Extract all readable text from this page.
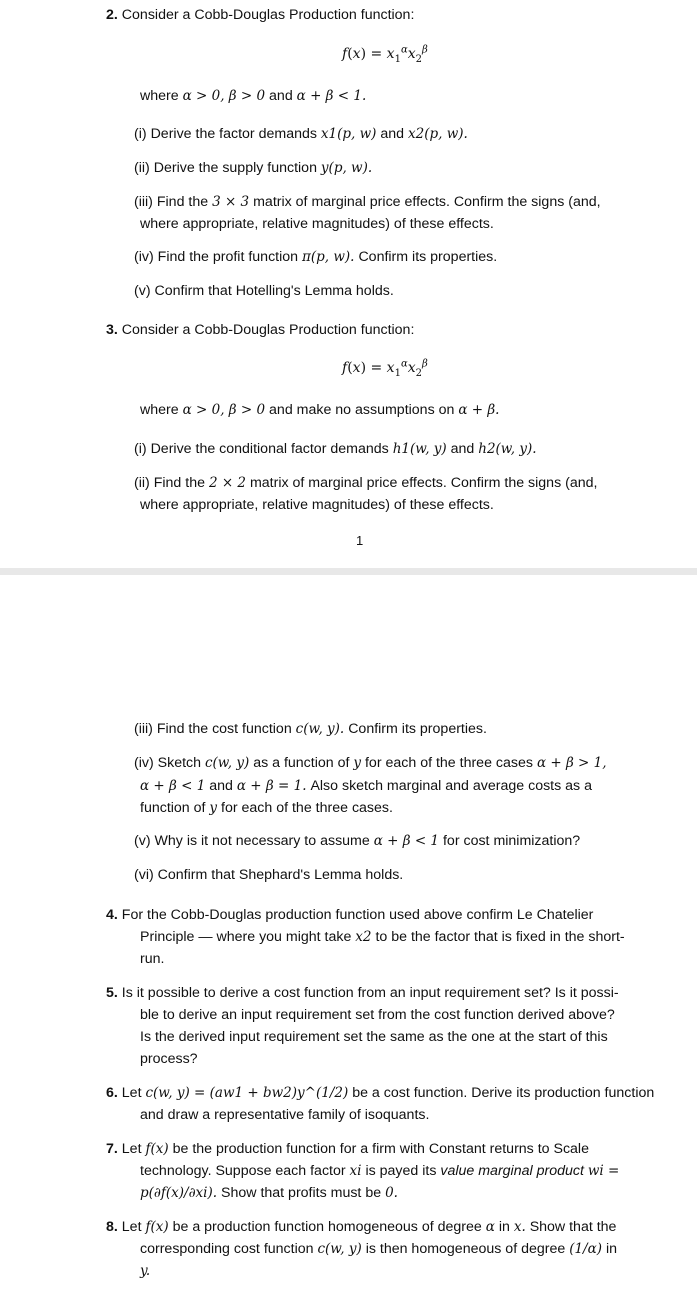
2. Consider a Cobb-Douglas Production function:
$f(x) = x_1^\alpha x_2^\beta$
where α > 0, β > 0 and α + β < 1.
(i) Derive the factor demands x1(p, w) and x2(p, w).
(ii) Derive the supply function y(p, w).
(iii) Find the 3 × 3 matrix of marginal price effects. Confirm the signs (and,
where appropriate, relative magnitudes) of these effects.
(iv) Find the profit function π(p, w). Confirm its properties.
(v) Confirm that Hotelling's Lemma holds.
3. Consider a Cobb-Douglas Production function:
$f(x) = x_1^\alpha x_2^\beta$
where α > 0, β > 0 and make no assumptions on α + β.
(i) Derive the conditional factor demands h1(w, y) and h2(w, y).
(ii) Find the 2 × 2 matrix of marginal price effects. Confirm the signs (and,
where appropriate, relative magnitudes) of these effects.
1
(iii) Find the cost function c(w, y). Confirm its properties.
(iv) Sketch c(w, y) as a function of y for each of the three cases α + β > 1,
α + β < 1 and α + β = 1. Also sketch marginal and average costs as a
function of y for each of the three cases.
(v) Why is it not necessary to assume α + β < 1 for cost minimization?
(vi) Confirm that Shephard's Lemma holds.
4. For the Cobb-Douglas production function used above confirm Le Chatelier
Principle — where you might take x2 to be the factor that is fixed in the short-
run.
5. Is it possible to derive a cost function from an input requirement set? Is it possi-
ble to derive an input requirement set from the cost function derived above?
Is the derived input requirement set the same as the one at the start of this
process?
6. Let c(w, y) = (aw1 + bw2)y^(1/2) be a cost function. Derive its production function
and draw a representative family of isoquants.
7. Let f(x) be the production function for a firm with Constant returns to Scale
technology. Suppose each factor xi is payed its value marginal product wi =
p(∂f(x)/∂xi). Show that profits must be 0.
8. Let f(x) be a production function homogeneous of degree α in x. Show that the
corresponding cost function c(w, y) is then homogeneous of degree (1/α) in
y.
